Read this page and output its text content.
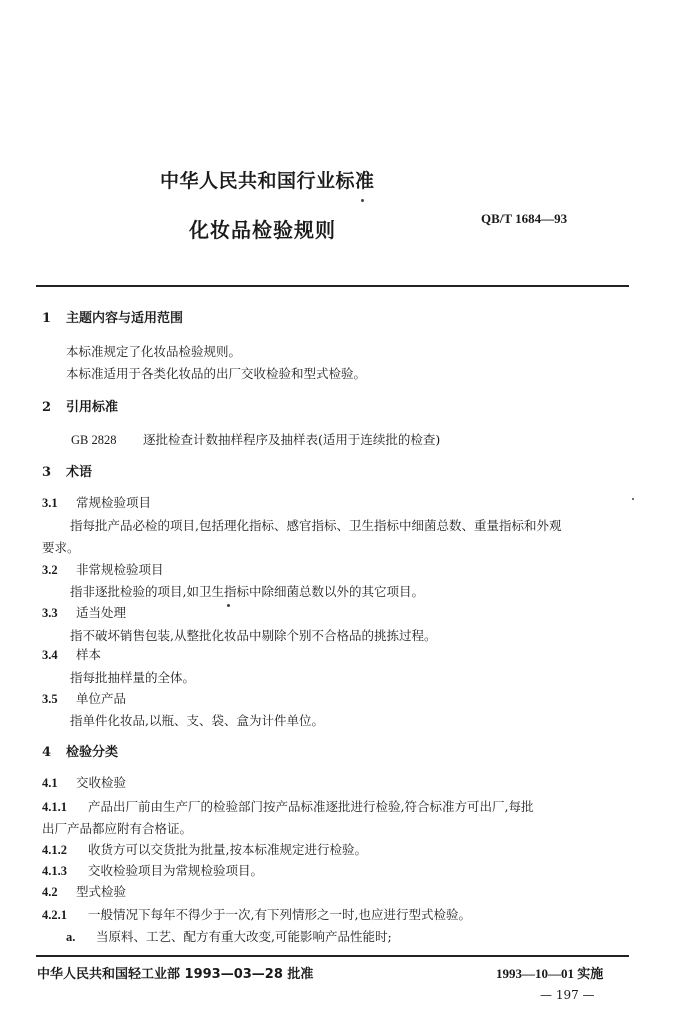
中华人民共和国行业标准
化妆品检验规则	QB/T 1684—93
1 主题内容与适用范围
本标准规定了化妆品检验规则。
本标准适用于各类化妆品的出厂交收检验和型式检验。
2 引用标准
GB 2828 逐批检查计数抽样程序及抽样表(适用于连续批的检查)
3 术语
3.1 常规检验项目
指每批产品必检的项目,包括理化指标、感官指标、卫生指标中细菌总数、重量指标和外观
要求。
3.2 非常规检验项目
指非逐批检验的项目,如卫生指标中除细菌总数以外的其它项目。
3.3 适当处理
指不破坏销售包装,从整批化妆品中剔除个别不合格品的挑拣过程。
3.4 样本
指每批抽样量的全体。
3.5 单位产品
指单件化妆品,以瓶、支、袋、盒为计件单位。
4 检验分类
4.1 交收检验
4.1.1 产品出厂前由生产厂的检验部门按产品标准逐批进行检验,符合标准方可出厂,每批
出厂产品都应附有合格证。
4.1.2 收货方可以交货批为批量,按本标准规定进行检验。
4.1.3 交收检验项目为常规检验项目。
4.2 型式检验
4.2.1 一般情况下每年不得少于一次,有下列情形之一时,也应进行型式检验。
a. 当原料、工艺、配方有重大改变,可能影响产品性能时;
中华人民共和国轻工业部 1993—03—28 批准	1993—10—01 实施
— 197 —
